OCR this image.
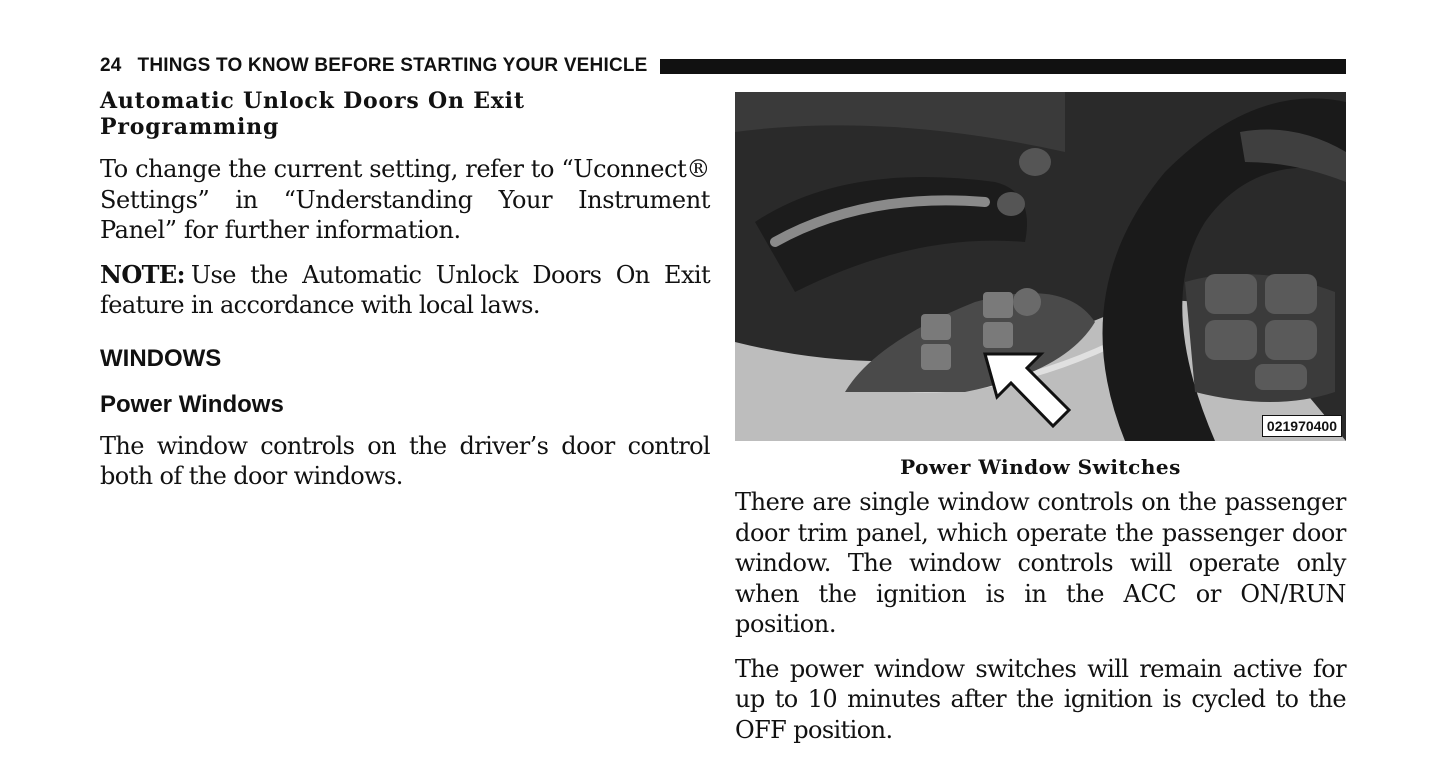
24 THINGS TO KNOW BEFORE STARTING YOUR VEHICLE
Automatic Unlock Doors On Exit Programming

To change the current setting, refer to “Uconnect® Settings” in “Understanding Your Instrument Panel” for further information.

NOTE: Use the Automatic Unlock Doors On Exit feature in accordance with local laws.

WINDOWS
Power Windows

The window controls on the driver’s door control both of the door windows.

021970400
Power Window Switches

There are single window controls on the passenger door trim panel, which operate the passenger door window. The window controls will operate only when the ignition is in the ACC or ON/RUN position.

The power window switches will remain active for up to 10 minutes after the ignition is cycled to the OFF position.
